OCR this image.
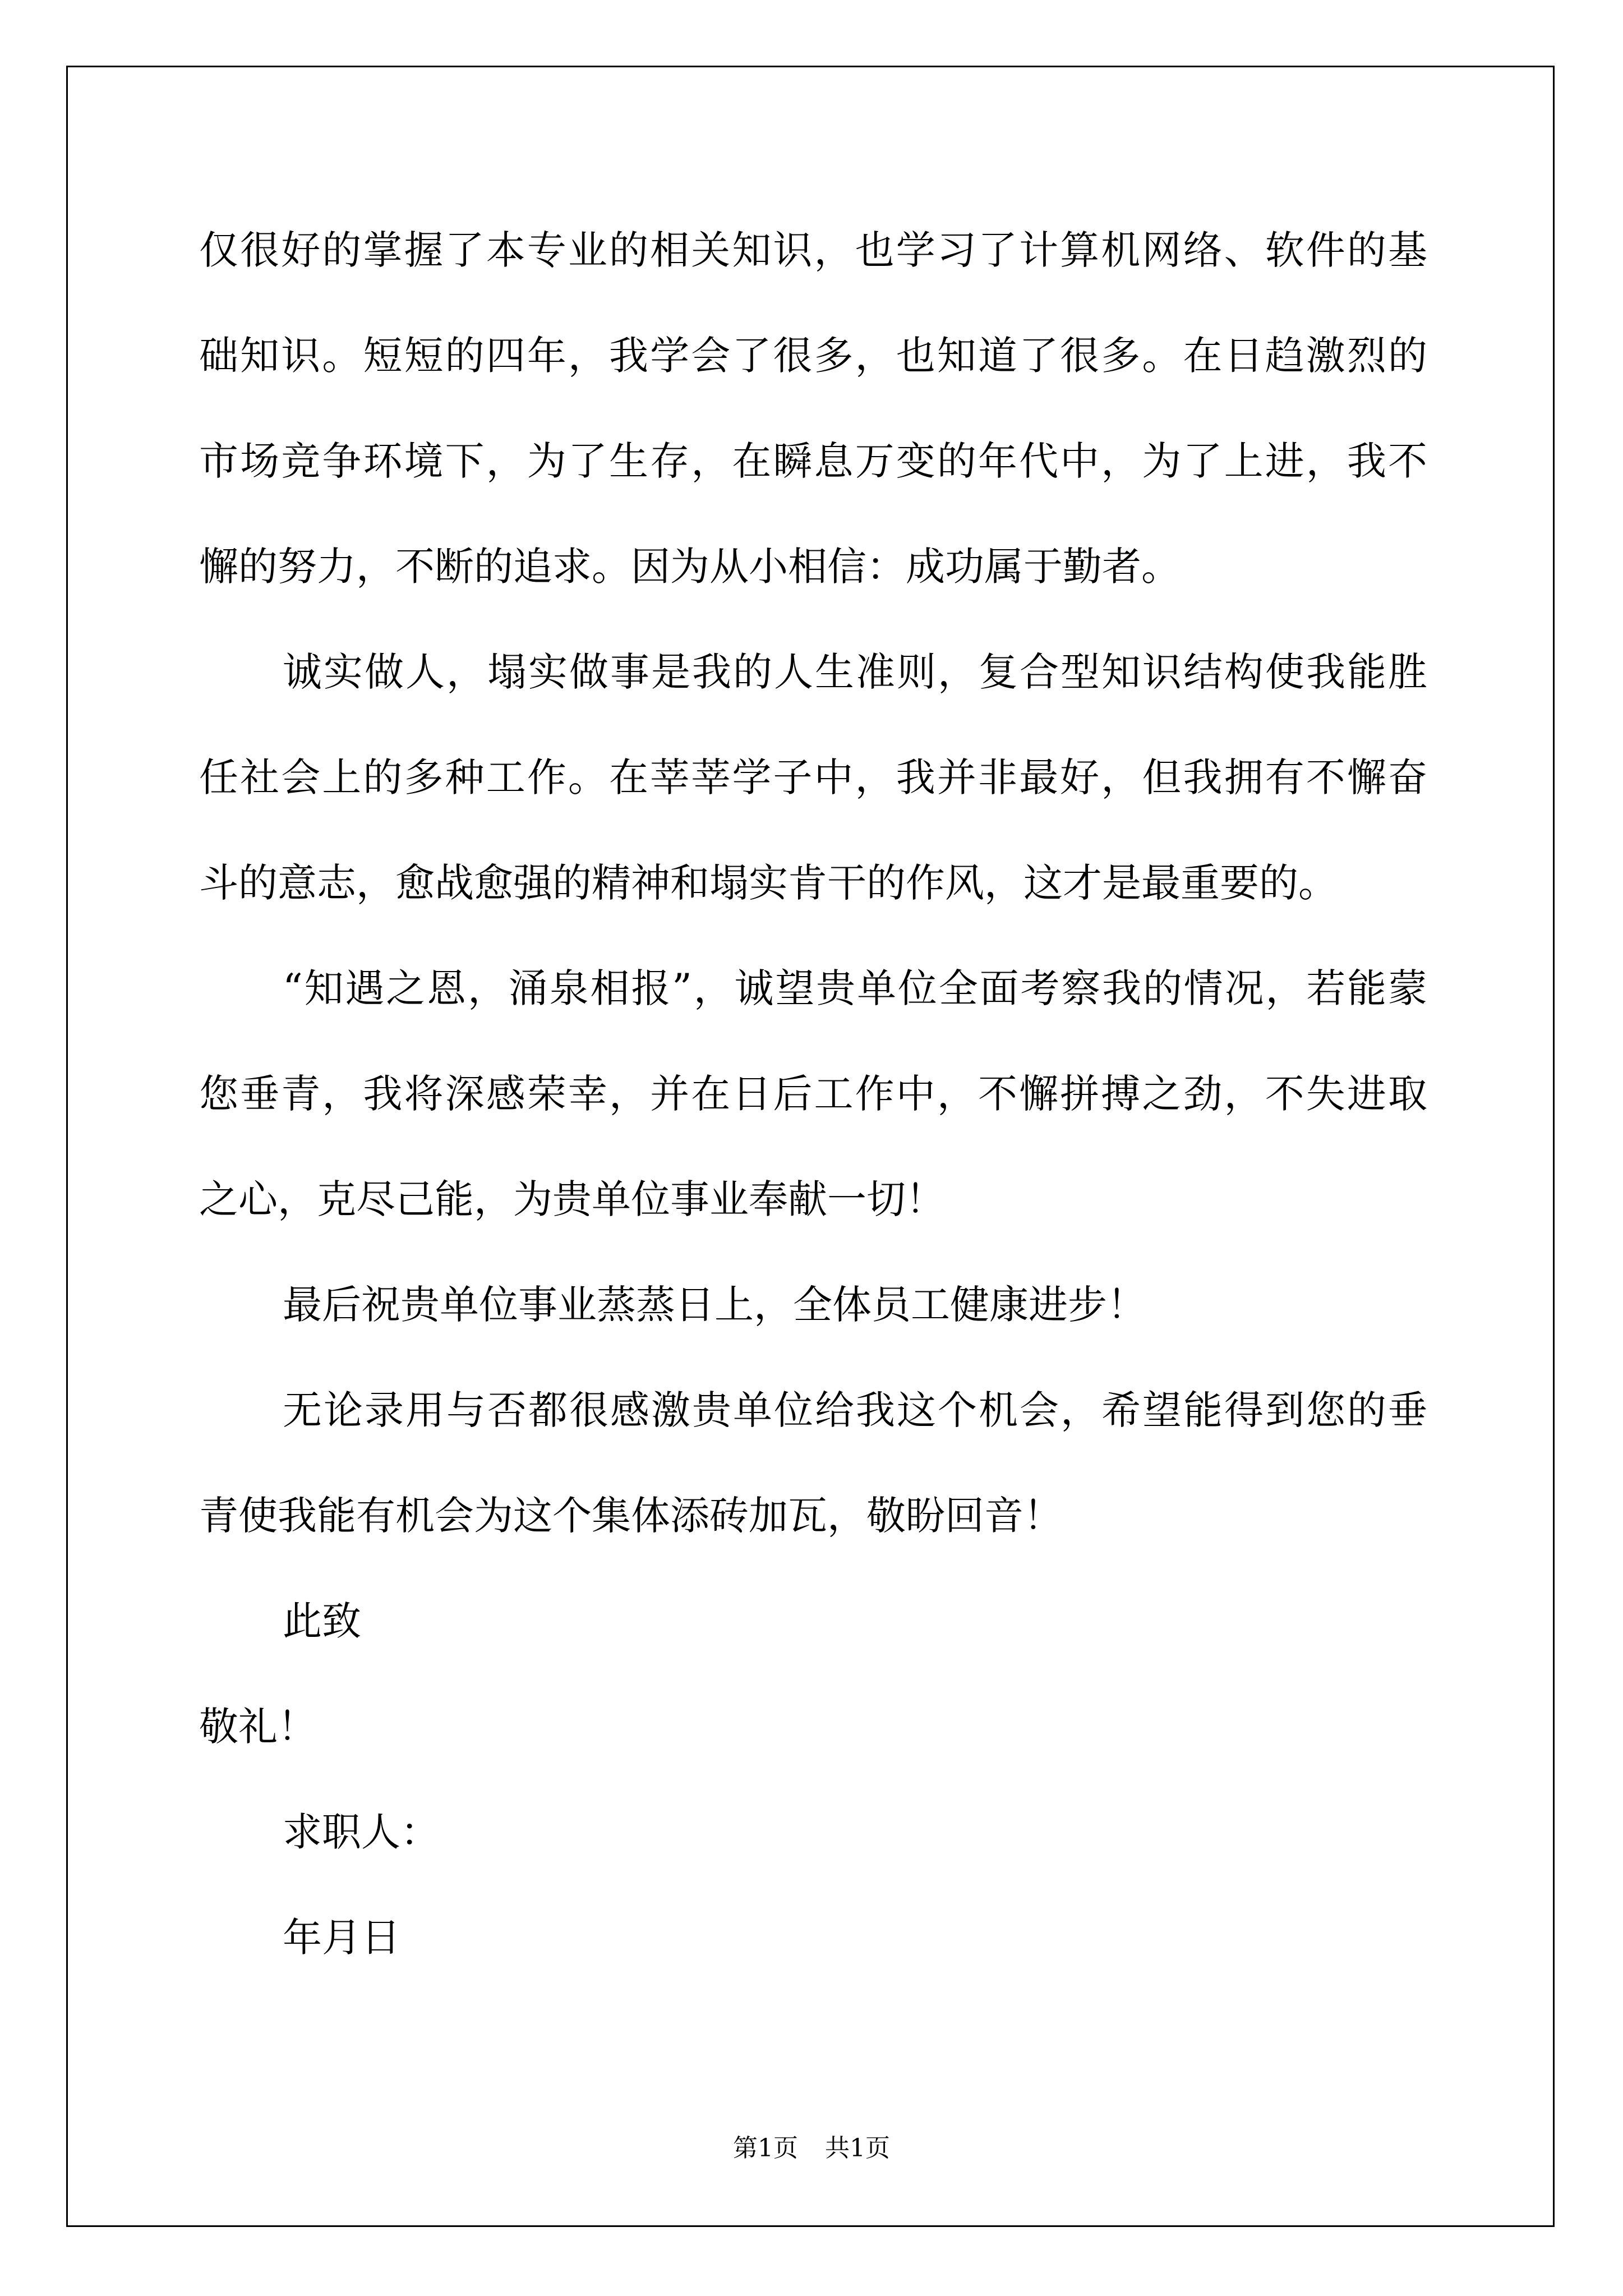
仅很好的掌握了本专业的相关知识，也学习了计算机网络、软件的基
础知识。短短的四年，我学会了很多，也知道了很多。在日趋激烈的
市场竞争环境下，为了生存，在瞬息万变的年代中，为了上进，我不
懈的努力，不断的追求。因为从小相信：成功属于勤者。
诚实做人，塌实做事是我的人生准则，复合型知识结构使我能胜
任社会上的多种工作。在莘莘学子中，我并非最好，但我拥有不懈奋
斗的意志，愈战愈强的精神和塌实肯干的作风，这才是最重要的。
“知遇之恩，涌泉相报”，诚望贵单位全面考察我的情况，若能蒙
您垂青，我将深感荣幸，并在日后工作中，不懈拼搏之劲，不失进取
之心，克尽己能，为贵单位事业奉献一切！
最后祝贵单位事业蒸蒸日上，全体员工健康进步！
无论录用与否都很感激贵单位给我这个机会，希望能得到您的垂
青使我能有机会为这个集体添砖加瓦，敬盼回音！
此致
敬礼！
求职人：
年月日
第1页 共1页
